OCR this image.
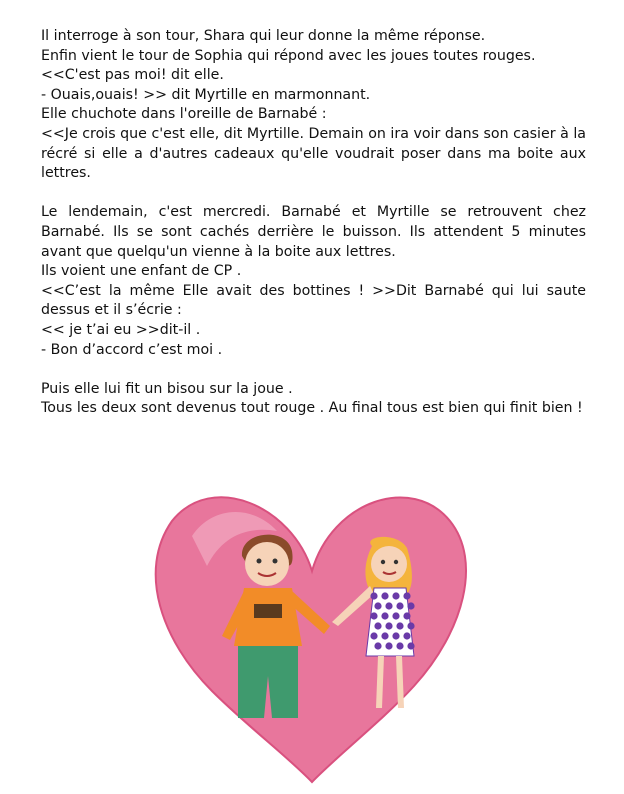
Il interroge à son tour, Shara qui leur donne la même réponse.

Enfin vient le tour de Sophia qui répond avec les joues toutes rouges.

<<C'est pas moi! dit elle.

- Ouais,ouais! >> dit Myrtille en marmonnant.

Elle chuchote dans l'oreille de Barnabé :

<<Je crois que c'est elle, dit Myrtille. Demain on ira voir dans son casier à la récré si elle a d'autres cadeaux qu'elle voudrait poser dans ma boite aux lettres.

Le lendemain, c'est mercredi. Barnabé et Myrtille se retrouvent chez Barnabé. Ils se sont cachés derrière le buisson. Ils attendent 5 minutes avant que quelqu'un vienne à la boite aux lettres.

Ils voient une enfant de CP .

<<C’est la même Elle avait des bottines ! >>Dit Barnabé qui lui saute dessus et il s’écrie :

<< je t’ai eu >>dit-il .

- Bon d’accord c’est moi .

Puis elle lui fit un bisou sur la joue .

Tous les deux sont devenus tout rouge . Au final tous est bien qui finit bien !
